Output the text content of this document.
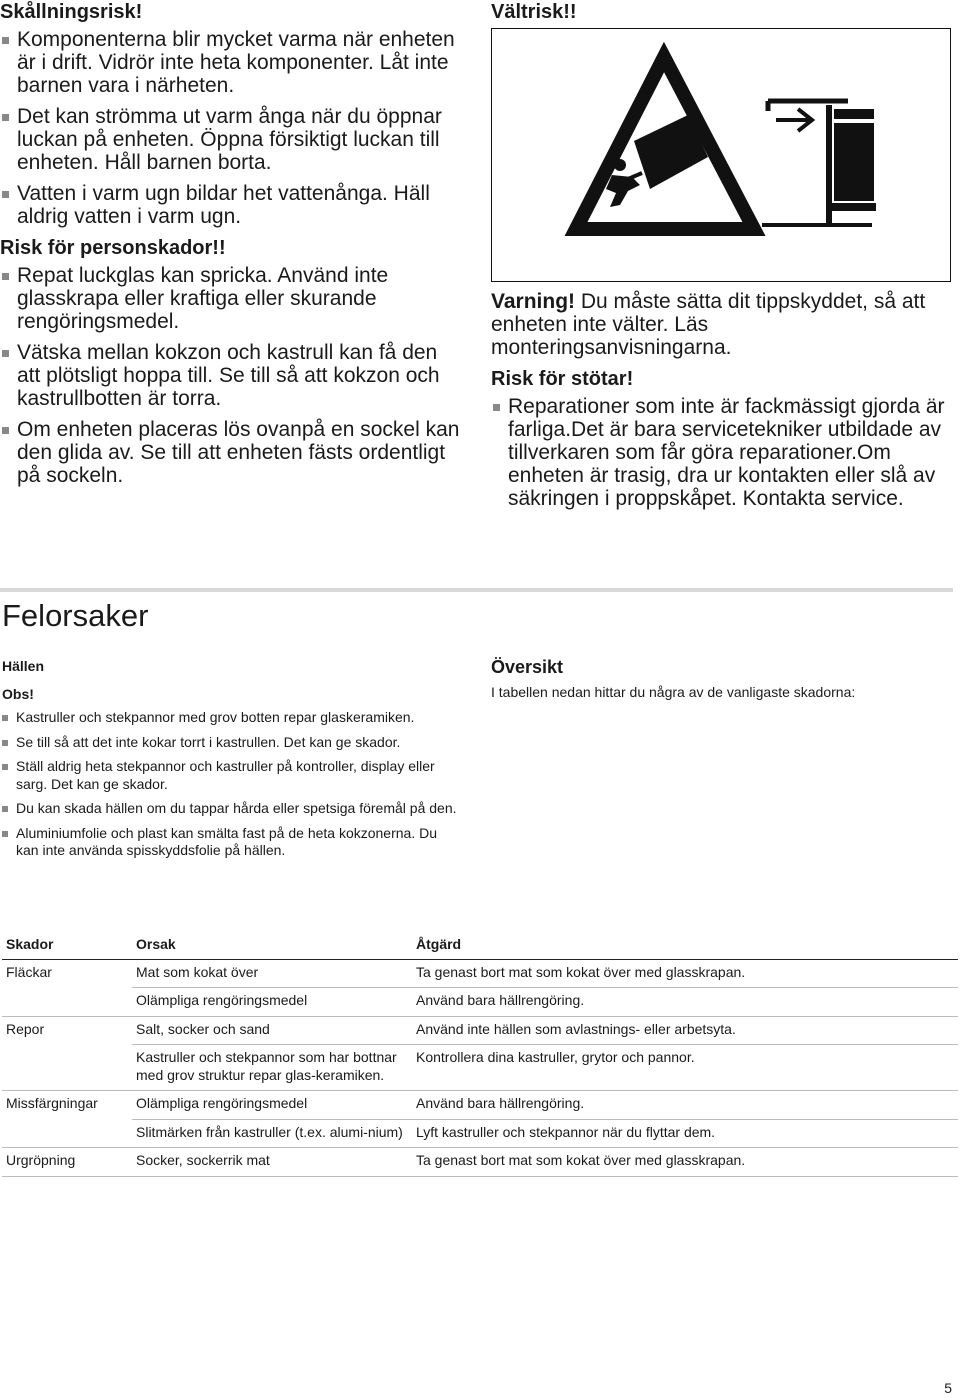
Skållningsrisk!
Komponenterna blir mycket varma när enheten är i drift. Vidrör inte heta komponenter. Låt inte barnen vara i närheten.
Det kan strömma ut varm ånga när du öppnar luckan på enheten. Öppna försiktigt luckan till enheten. Håll barnen borta.
Vatten i varm ugn bildar het vattenånga. Häll aldrig vatten i varm ugn.
Risk för personskador!!
Repat luckglas kan spricka. Använd inte glasskrapa eller kraftiga eller skurande rengöringsmedel.
Vätska mellan kokzon och kastrull kan få den att plötsligt hoppa till. Se till så att kokzon och kastrullbotten är torra.
Om enheten placeras lös ovanpå en sockel kan den glida av. Se till att enheten fästs ordentligt på sockeln.
Vältrisk!!

Varning! Du måste sätta dit tippskyddet, så att enheten inte välter. Läs monteringsanvisningarna.

Risk för stötar!
Reparationer som inte är fackmässigt gjorda är farliga.Det är bara servicetekniker utbildade av tillverkaren som får göra reparationer.Om enheten är trasig, dra ur kontakten eller slå av säkringen i proppskåpet. Kontakta service.
Felorsaker
Hällen
Obs!
Kastruller och stekpannor med grov botten repar glaskeramiken.
Se till så att det inte kokar torrt i kastrullen. Det kan ge skador.
Ställ aldrig heta stekpannor och kastruller på kontroller, display eller sarg. Det kan ge skador.
Du kan skada hällen om du tappar hårda eller spetsiga föremål på den.
Aluminiumfolie och plast kan smälta fast på de heta kokzonerna. Du kan inte använda spisskyddsfolie på hällen.
Översikt

I tabellen nedan hittar du några av de vanligaste skadorna:

Skador	Orsak	Åtgärd
Fläckar	Mat som kokat över	Ta genast bort mat som kokat över med glasskrapan.
	Olämpliga rengöringsmedel	Använd bara hällrengöring.
Repor	Salt, socker och sand	Använd inte hällen som avlastnings- eller arbetsyta.
	Kastruller och stekpannor som har bottnar med grov struktur repar glas-keramiken.	Kontrollera dina kastruller, grytor och pannor.
Missfärgningar	Olämpliga rengöringsmedel	Använd bara hällrengöring.
	Slitmärken från kastruller (t.ex. alumi-nium)	Lyft kastruller och stekpannor när du flyttar dem.
Urgröpning	Socker, sockerrik mat	Ta genast bort mat som kokat över med glasskrapan.
5
